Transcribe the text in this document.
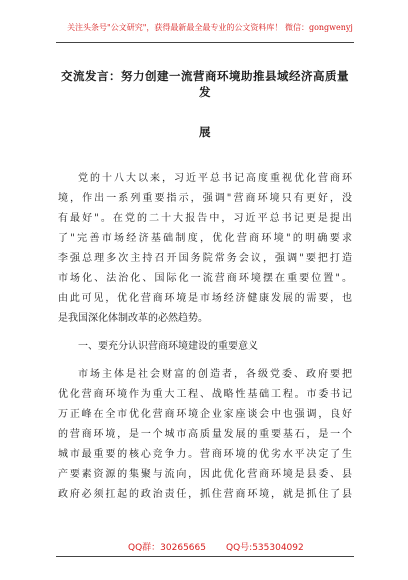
关注头条号"公文研究"，获得最新最全最专业的公文资料库！ 微信：gongwenyj
交流发言：努力创建一流营商环境助推县域经济高质量发
展
党的十八大以来，习近平总书记高度重视优化营商环
境，作出一系列重要指示，强调"营商环境只有更好，没
有最好"。在党的二十大报告中，习近平总书记更是提出
了"完善市场经济基础制度，优化营商环境"的明确要求
李强总理多次主持召开国务院常务会议，强调"要把打造
市场化、法治化、国际化一流营商环境摆在重要位置"。
由此可见，优化营商环境是市场经济健康发展的需要，也
是我国深化体制改革的必然趋势。
一、要充分认识营商环境建设的重要意义
市场主体是社会财富的创造者，各级党委、政府要把
优化营商环境作为重大工程、战略性基础工程。市委书记
万正峰在全市优化营商环境企业家座谈会中也强调，良好
的营商环境，是一个城市高质量发展的重要基石，是一个
城市最重要的核心竞争力。营商环境的优劣水平决定了生
产要素资源的集聚与流向，因此优化营商环境是县委、县
政府必须扛起的政治责任，抓住营商环境，就是抓住了县
QQ群：30265665 QQ号:535304092
